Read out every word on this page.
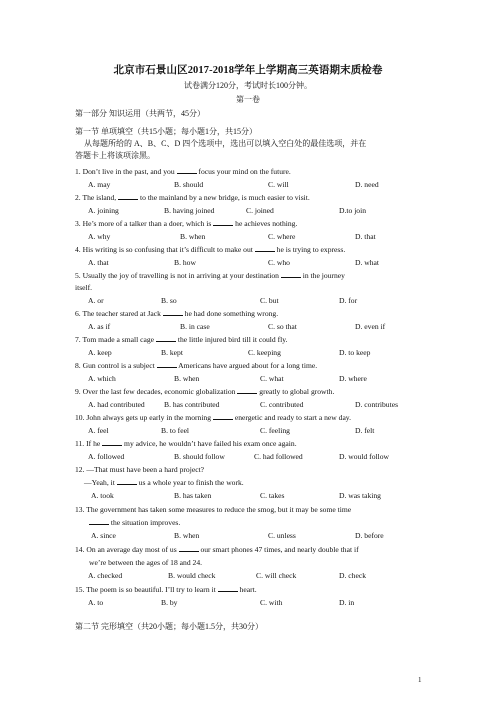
北京市石景山区2017-2018学年上学期高三英语期末质检卷
试卷满分120分，考试时长100分钟。
第一卷
第一部分 知识运用（共两节，45分）
第一节 单项填空（共15小题；每小题1分，共15分）
从每题所给的 A、B、C、D 四个选项中，选出可以填入空白处的最佳选项，并在
答题卡上将该项涂黑。
1. Don’t live in the past, and you	focus your mind on the future.
A. may	B. should	C. will	D. need
2. The island,	to the mainland by a new bridge, is much easier to visit.
A. joining	B. having joined	C. joined	D.to join
3. He’s more of a talker than a doer, which is	he achieves nothing.
A. why	B. when	C. where	D. that
4. His writing is so confusing that it’s difficult to make out	he is trying to express.
A. that	B. how	C. who	D. what
5. Usually the joy of travelling is not in arriving at your destination	in the journey
itself.
A. or	B. so	C. but	D. for
6. The teacher stared at Jack	he had done something wrong.
A. as if	B. in case	C. so that	D. even if
7. Tom made a small cage	the little injured bird till it could fly.
A. keep	B. kept	C. keeping	D. to keep
8. Gun control is a subject	Americans have argued about for a long time.
A. which	B. when	C. what	D. where
9. Over the last few decades, economic globalization	greatly to global growth.
A. had contributed	B. has contributed	C. contributed	D. contributes
10. John always gets up early in the morning	energetic and ready to start a new day.
A. feel	B. to feel	C. feeling	D. felt
11. If he	my advice, he wouldn’t have failed his exam once again.
A. followed	B. should follow	C. had followed	D. would follow
12. —That must have been a hard project?
—Yeah, it	us a whole year to finish the work.
A. took	B. has taken	C. takes	D. was taking
13. The government has taken some measures to reduce the smog, but it may be some time
the situation improves.
A. since	B. when	C. unless	D. before
14. On an average day most of us	our smart phones 47 times, and nearly double that if
we’re between the ages of 18 and 24.
A. checked	B. would check	C. will check	D. check
15. The poem is so beautiful. I’ll try to learn it	heart.
A. to	B. by	C. with	D. in
第二节 完形填空（共20小题；每小题1.5分，共30分）
1
